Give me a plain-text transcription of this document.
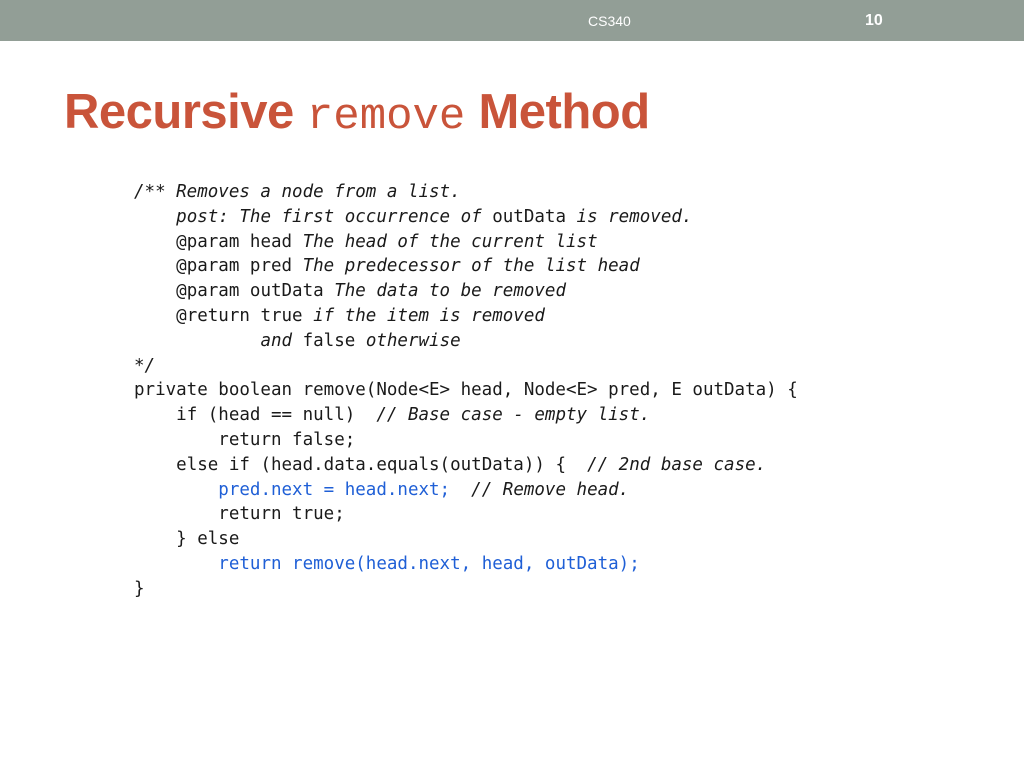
CS340	10
Recursive remove Method
/** Removes a node from a list.
post: The first occurrence of outData is removed.
@param head The head of the current list
@param pred The predecessor of the list head
@param outData The data to be removed
@return true if the item is removed
and false otherwise
*/
private boolean remove(Node<E> head, Node<E> pred, E outData) {
if (head == null)  // Base case - empty list.
return false;
else if (head.data.equals(outData)) {  // 2nd base case.
pred.next = head.next;  // Remove head.
return true;
} else
return remove(head.next, head, outData);
}
